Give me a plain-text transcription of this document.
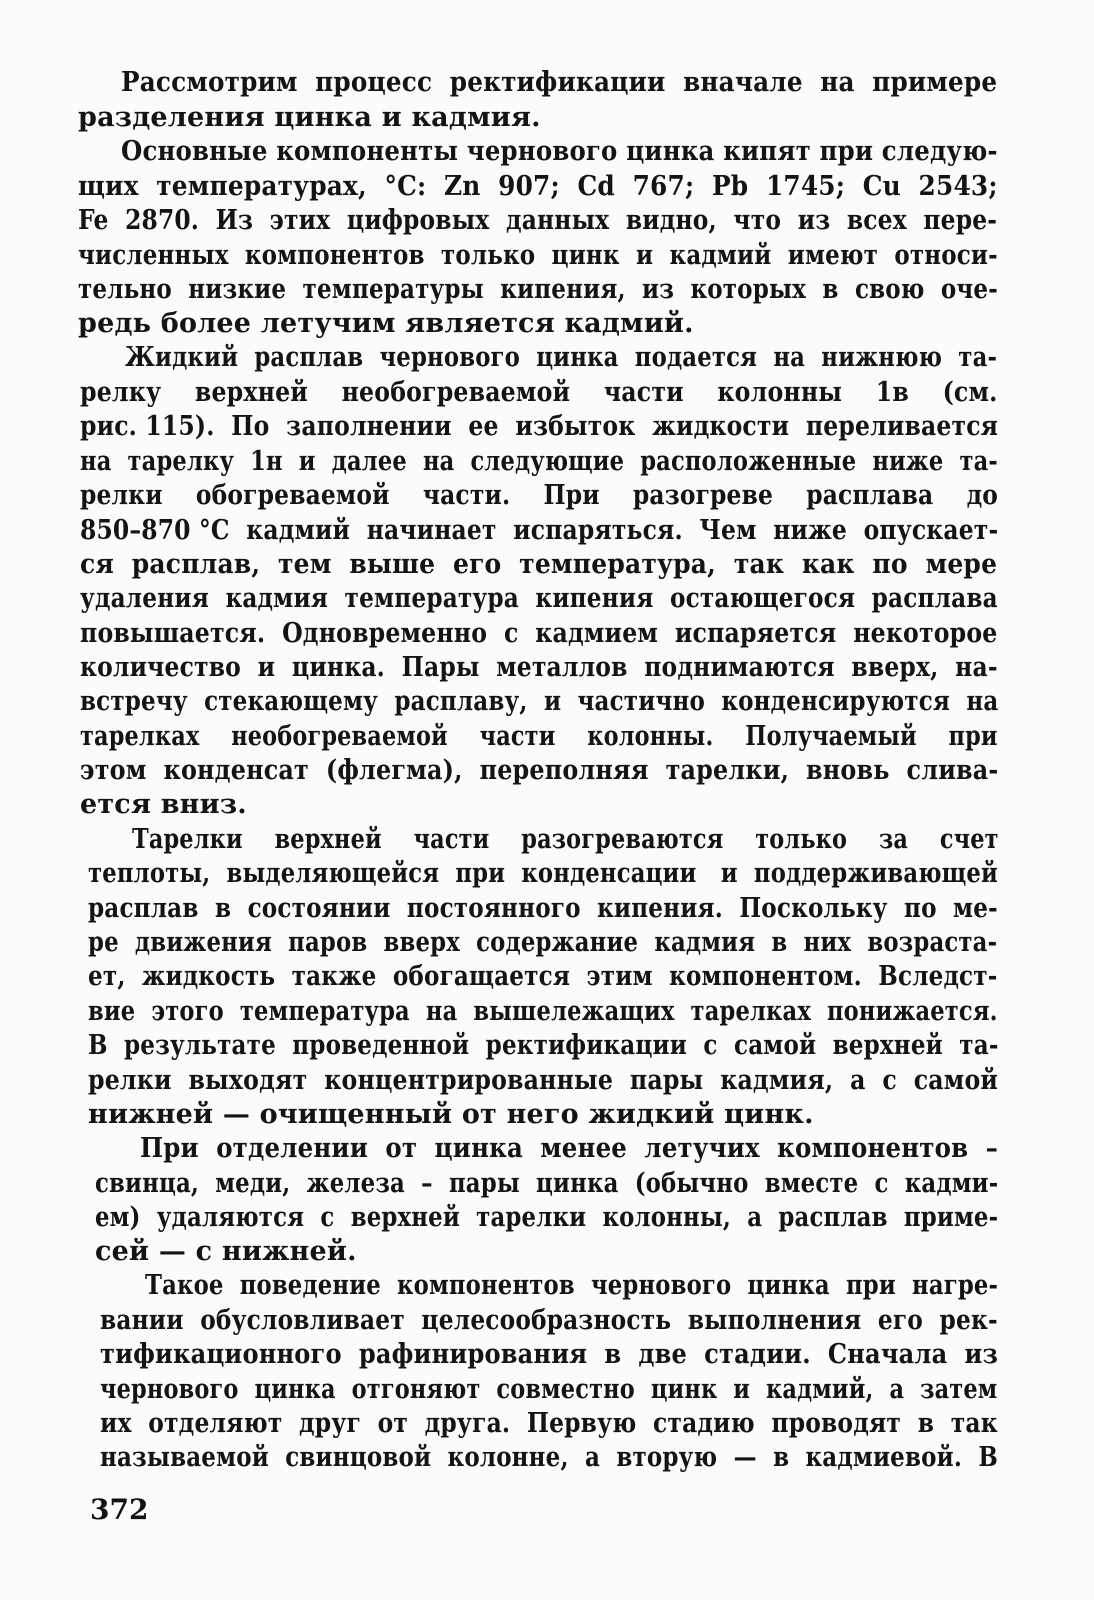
Рассмотрим  процесс  ректификации  вначале  на  примере
разделения цинка и кадмия.
Основные компоненты чернового цинка кипят при следую-
щих  температурах,  °С:  Zn  907;  Cd  767;  Pb  1745;  Cu  2543;
Fe  2870.  Из  этих  цифровых  данных  видно,  что  из  всех  пере-
численных  компонентов  только  цинк  и  кадмий  имеют  относи-
тельно  низкие  температуры  кипения,  из  которых  в  свою  оче-
редь более летучим является кадмий.
Жидкий  расплав  чернового  цинка  подается  на  нижнюю  та-
релку    верхней    необогреваемой    части    колонны    1в    (см.
рис. 115).  По  заполнении  ее  избыток  жидкости  переливается
на  тарелку  1н  и  далее  на  следующие  расположенные  ниже  та-
релки    обогреваемой    части.    При    разогреве    расплава    до
850–870 °С  кадмий  начинает  испаряться.  Чем  ниже  опускает-
ся  расплав,  тем  выше  его  температура,  так  как  по  мере
удаления  кадмия  температура  кипения  остающегося  расплава
повышается.  Одновременно  с  кадмием  испаряется  некоторое
количество  и  цинка.  Пары  металлов  поднимаются  вверх,  на-
встречу  стекающему  расплаву,  и  частично  конденсируются  на
тарелках    необогреваемой    части    колонны.    Получаемый    при
этом  конденсат  (флегма),  переполняя  тарелки,  вновь  слива-
ется вниз.
Тарелки    верхней    части    разогреваются    только    за    счет
теплоты,  выделяющейся  при  конденсации   и  поддерживающей
расплав  в  состоянии  постоянного  кипения.  Поскольку  по  ме-
ре  движения  паров  вверх  содержание  кадмия  в  них  возраста-
ет,  жидкость  также  обогащается  этим  компонентом.  Вследст-
вие  этого  температура  на  вышележащих  тарелках  понижается.
В  результате  проведенной  ректификации  с  самой  верхней  та-
релки  выходят  концентрированные  пары  кадмия,  а  с  самой
нижней — очищенный от него жидкий цинк.
При  отделении  от  цинка  менее  летучих  компонентов  –
свинца,  меди,  железа  –  пары  цинка  (обычно  вместе  с  кадми-
ем)  удаляются  с  верхней  тарелки  колонны,  а  расплав  приме-
сей — с нижней.
Такое  поведение  компонентов  чернового  цинка  при  нагре-
вании  обусловливает  целесообразность  выполнения  его  рек-
тификационного  рафинирования  в  две  стадии.  Сначала  из
чернового  цинка  отгоняют  совместно  цинк  и  кадмий,  а  затем
их  отделяют  друг  от  друга.  Первую  стадию  проводят  в  так
называемой  свинцовой  колонне,  а  вторую  —  в  кадмиевой.  В
372
